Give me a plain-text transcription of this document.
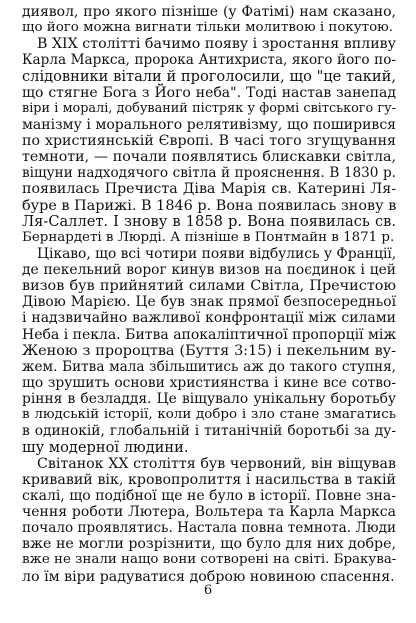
диявол, про якого пізніше (у Фатімі) нам сказано,
що його можна вигнати тільки молитвою і покутою.
В XIX столітті бачимо появу і зростання впливу
Карла Маркса, пророка Антихриста, якого його по-
слідовники вітали й проголосили, що "це такий,
що стягне Бога з Його неба". Тоді настав занепад
віри і моралі, добуваний пістряк у формі світського гу-
манізму і морального релятивізму, що поширився
по християнській Європі. В часі того згущування
темноти, — почали появлятись блискавки світла,
віщуни надходячого світла й прояснення. В 1830 р.
появилась Пречиста Діва Марія св. Катерині Ля-
буре в Парижі. В 1846 р. Вона появилась знову в
Ля-Саллет. І знову в 1858 р. Вона появилась св.
Бернардеті в Люрді. А пізніше в Понтмайн в 1871 р.
Цікаво, що всі чотири появи відбулись у Франції,
де пекельний ворог кинув визов на поєдинок і цей
визов був прийнятий силами Світла, Пречистою
Дівою Марією. Це був знак прямої безпосередньої
і надзвичайно важливої конфронтації між силами
Неба і пекла. Битва апокаліптичної пропорції між
Женою з пророцтва (Буття 3:15) і пекельним ву-
жем. Битва мала збільшитись аж до такого ступня,
що зрушить основи християнства і кине все сотво-
ріння в безладдя. Це віщувало унікальну боротьбу
в людській історії, коли добро і зло стане змагатись
в одинокій, глобальній і титанічній боротьбі за ду-
шу модерної людини.
Світанок XX століття був червоний, він віщував
кривавий вік, кровопролиття і насильства в такій
скалі, що подібної ще не було в історії. Повне зна-
чення роботи Лютера, Вольтера та Карла Маркса
почало проявлятись. Настала повна темнота. Люди
вже не могли розрізнити, що було для них добре,
вже не знали нащо вони сотворені на світі. Бракува-
ло їм віри радуватися доброю новиною спасення.
6
